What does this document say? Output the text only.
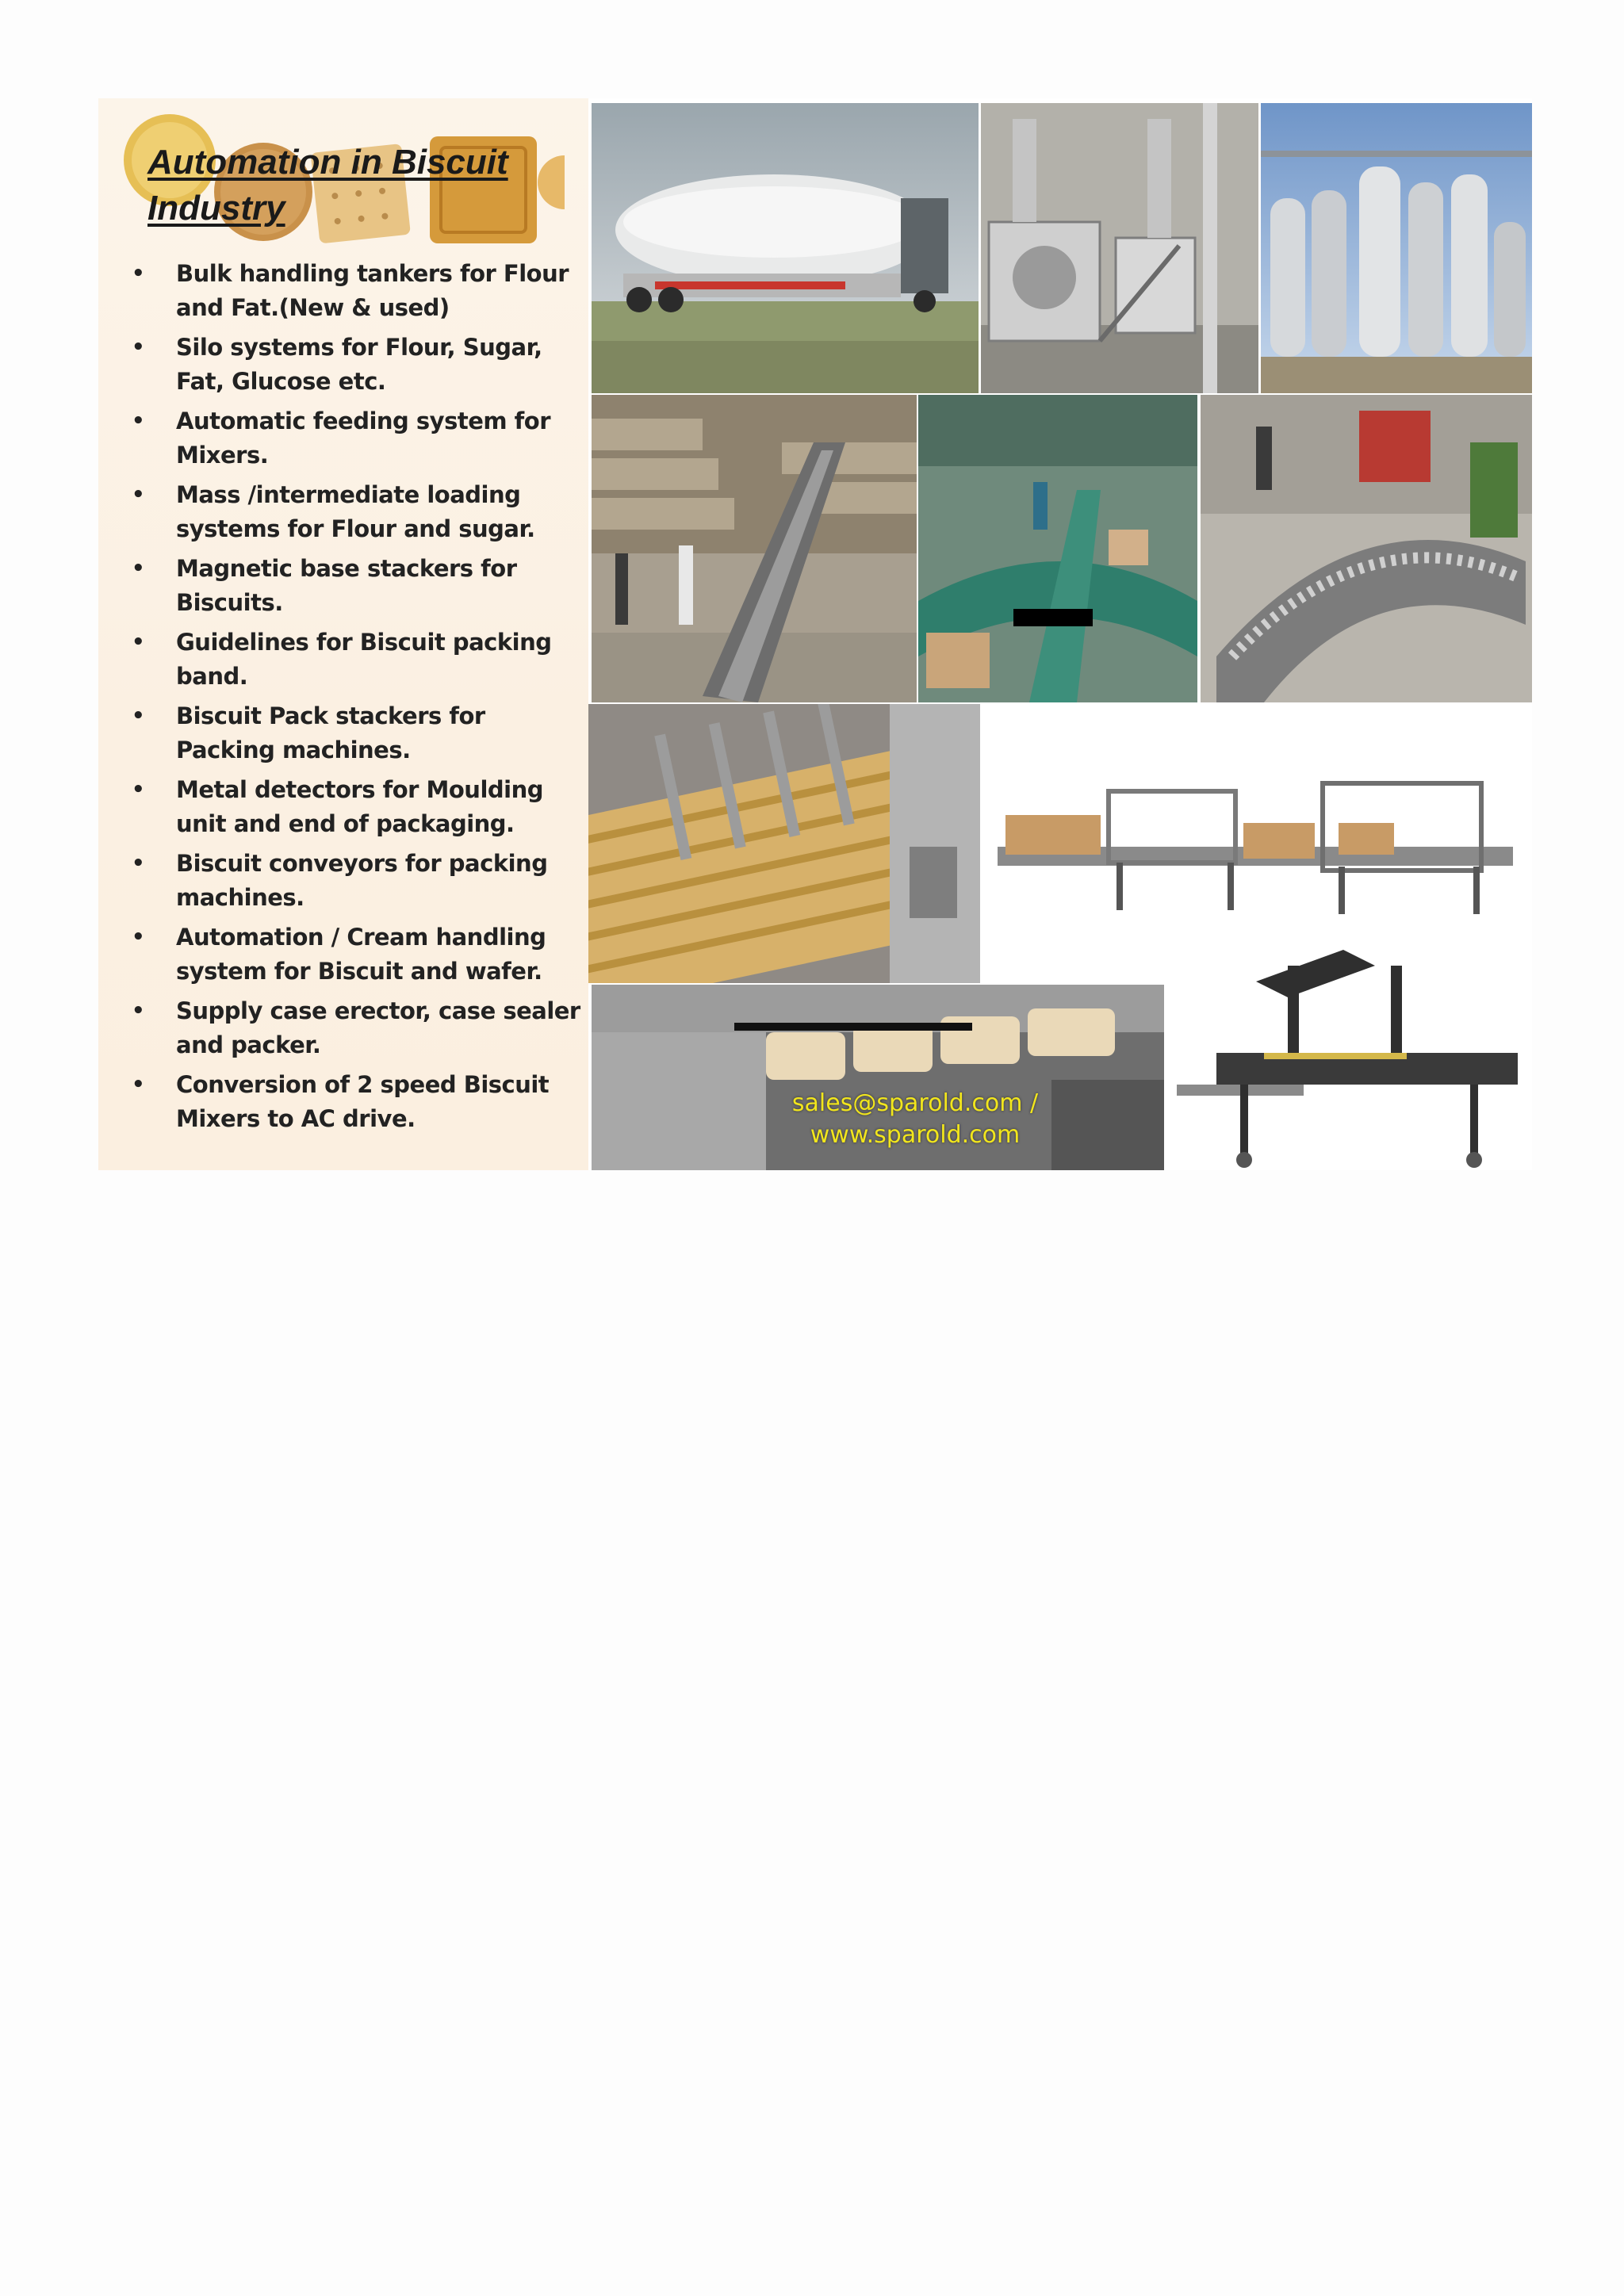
Automation in Biscuit Industry
• Bulk handling tankers for Flour and Fat.(New & used)
• Silo systems for Flour, Sugar, Fat, Glucose etc.
• Automatic feeding system for Mixers.
• Mass /intermediate loading systems for Flour and sugar.
• Magnetic base stackers for Biscuits.
• Guidelines for Biscuit packing band.
• Biscuit Pack stackers for Packing machines.
• Metal detectors for Moulding unit and end of packaging.
• Biscuit conveyors for packing machines.
• Automation / Cream handling system for Biscuit and wafer.
• Supply case erector, case sealer and packer.
• Conversion of 2 speed Biscuit Mixers to AC drive.
sales@sparold.com /
www.sparold.com
